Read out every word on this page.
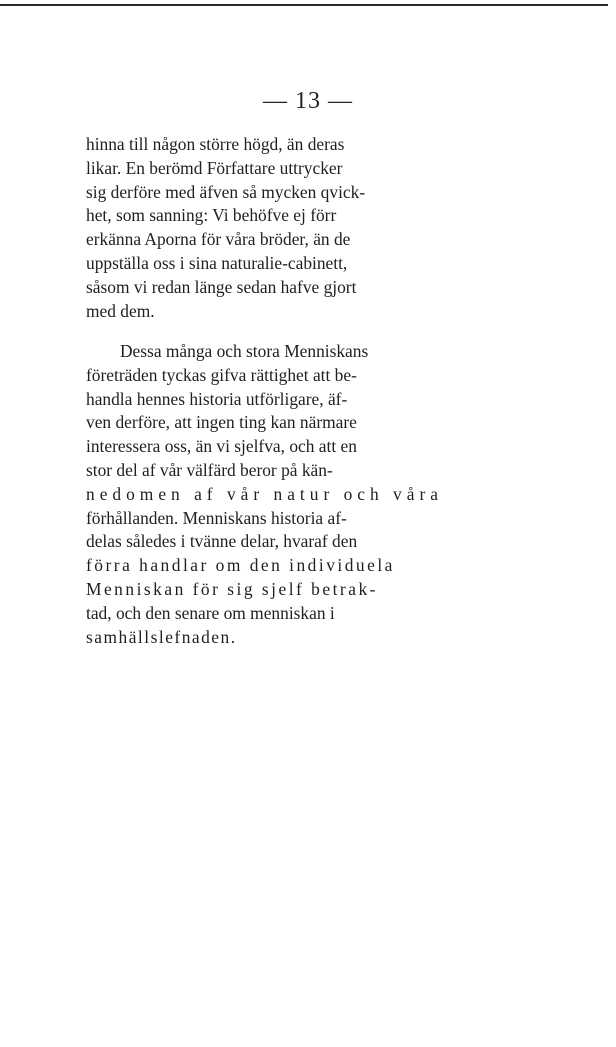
— 13 —
hinna till någon större högd, än deras
likar. En berömd Författare uttrycker
sig derföre med äfven så mycken qvick-
het, som sanning: Vi behöfve ej förr
erkänna Aporna för våra bröder, än de
uppställa oss i sina naturalie-cabinett,
såsom vi redan länge sedan hafve gjort
med dem.
Dessa många och stora Menniskans
företräden tyckas gifva rättighet att be-
handla hennes historia utförligare, äf-
ven derföre, att ingen ting kan närmare
interessera oss, än vi sjelfva, och att en
stor del af vår välfärd beror på kän-
nedomen af vår natur och våra
förhållanden. Menniskans historia af-
delas således i tvänne delar, hvaraf den
förra handlar om den individuela
Menniskan för sig sjelf betrak-
tad, och den senare om menniskan i
samhällslefnaden.
